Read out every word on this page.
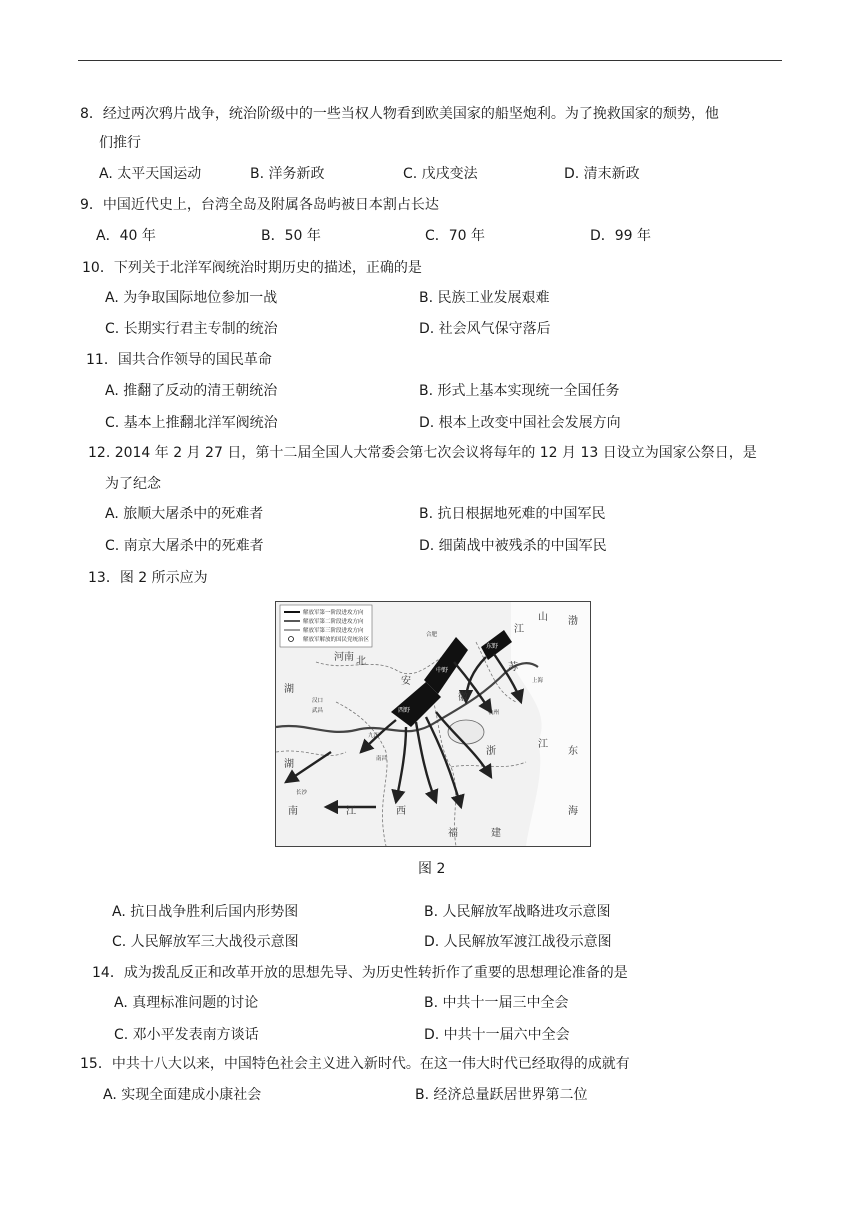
8．经过两次鸦片战争，统治阶级中的一些当权人物看到欧美国家的船坚炮利。为了挽救国家的颓势，他
们推行
A. 太平天国运动	B. 洋务新政	C. 戊戌变法	D. 清末新政
9．中国近代史上，台湾全岛及附属各岛屿被日本割占长达
A．40 年	B．50 年	C．70 年	D．99 年
10．下列关于北洋军阀统治时期历史的描述，正确的是
A. 为争取国际地位参加一战	B. 民族工业发展艰难
C. 长期实行君主专制的统治	D. 社会风气保守落后
11．国共合作领导的国民革命
A. 推翻了反动的清王朝统治	B. 形式上基本实现统一全国任务
C. 基本上推翻北洋军阀统治	D. 根本上改变中国社会发展方向
12. 2014 年 2 月 27 日，第十二届全国人大常委会第七次会议将每年的 12 月 13 日设立为国家公祭日，是
为了纪念
A. 旅顺大屠杀中的死难者	B. 抗日根据地死难的中国军民
C. 南京大屠杀中的死难者	D. 细菌战中被残杀的中国军民
13．图 2 所示应为
解放军第一阶段进攻方向
解放军第二阶段进攻方向
解放军第三阶段进攻方向
解放军解放的国民党统治区
河南
湖
北
安
徽
湖
南	江	西
福	建
浙
江
江
苏
山 渤
东
海
汉口
武昌
合肥
南昌
长沙
杭州
上海
九江
西野
中野
东野
图 2
A. 抗日战争胜利后国内形势图	B. 人民解放军战略进攻示意图
C. 人民解放军三大战役示意图	D. 人民解放军渡江战役示意图
14．成为拨乱反正和改革开放的思想先导、为历史性转折作了重要的思想理论准备的是
A. 真理标准问题的讨论	B. 中共十一届三中全会
C. 邓小平发表南方谈话	D. 中共十一届六中全会
15．中共十八大以来，中国特色社会主义进入新时代。在这一伟大时代已经取得的成就有
A. 实现全面建成小康社会	B. 经济总量跃居世界第二位
